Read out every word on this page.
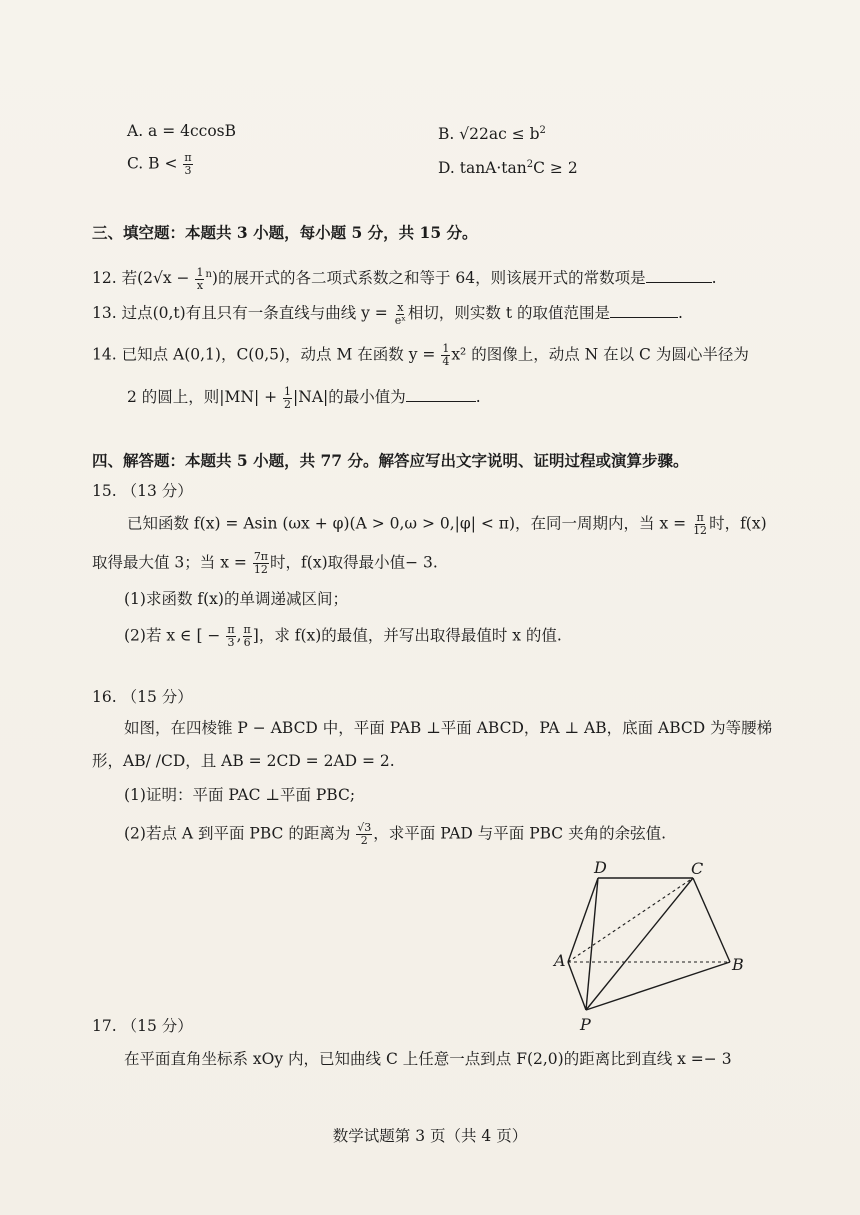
A. a = 4ccosB	B. $√22ac \le b^2$
C. $B < \frac{\pi}{3}$	D. $\tan A\cdot\tan^2C \ge 2$
三、填空题：本题共 3 小题，每小题 5 分，共 15 分。
12. 若$(2√x - \frac{1}{x} ^n)$的展开式的各二项式系数之和等于 64，则该展开式的常数项是	.
13. 过点(0,t)有且只有一条直线与曲线 $y = \frac{x}{\text{eˣ}}$ 相切，则实数 t 的取值范围是	.
14. 已知点 A(0,1)，C(0,5)，动点 M 在函数 $y = \frac{1}{4} x^2$ 的图像上，动点 N 在以 C 为圆心半径为
2 的圆上，则$|MN| + \frac{1}{2} |NA|$的最小值为	.
四、解答题：本题共 5 小题，共 77 分。解答应写出文字说明、证明过程或演算步骤。
15. （13 分）
已知函数 f(x) = Asin (ωx + φ)(A > 0,ω > 0,|φ| < π)，在同一周期内，当 $x = \frac{\pi}{12}$ 时，f(x)
取得最大值 3；当 $x = \frac{7\pi}{12}$ 时，f(x)取得最小值− 3.
(1)求函数 f(x)的单调递减区间；
(2)若 x ∈ [ − $\frac{\pi}{3}$ , $\frac{\pi}{6}$ ]，求 f(x)的最值，并写出取得最值时 x 的值.
16. （15 分）
如图，在四棱锥 P − ABCD 中，平面 PAB ⊥平面 ABCD，PA ⊥ AB，底面 ABCD 为等腰梯
形，AB/ /CD，且 AB = 2CD = 2AD = 2.
(1)证明：平面 PAC ⊥平面 PBC;
(2)若点 A 到平面 PBC 的距离为 $\frac{√3}{2}$ ，求平面 PAD 与平面 PBC 夹角的余弦值.
D	C
A	B
P
17. （15 分）
在平面直角坐标系 xOy 内，已知曲线 C 上任意一点到点 F(2,0)的距离比到直线 x =− 3
数学试题第 3 页（共 4 页）
